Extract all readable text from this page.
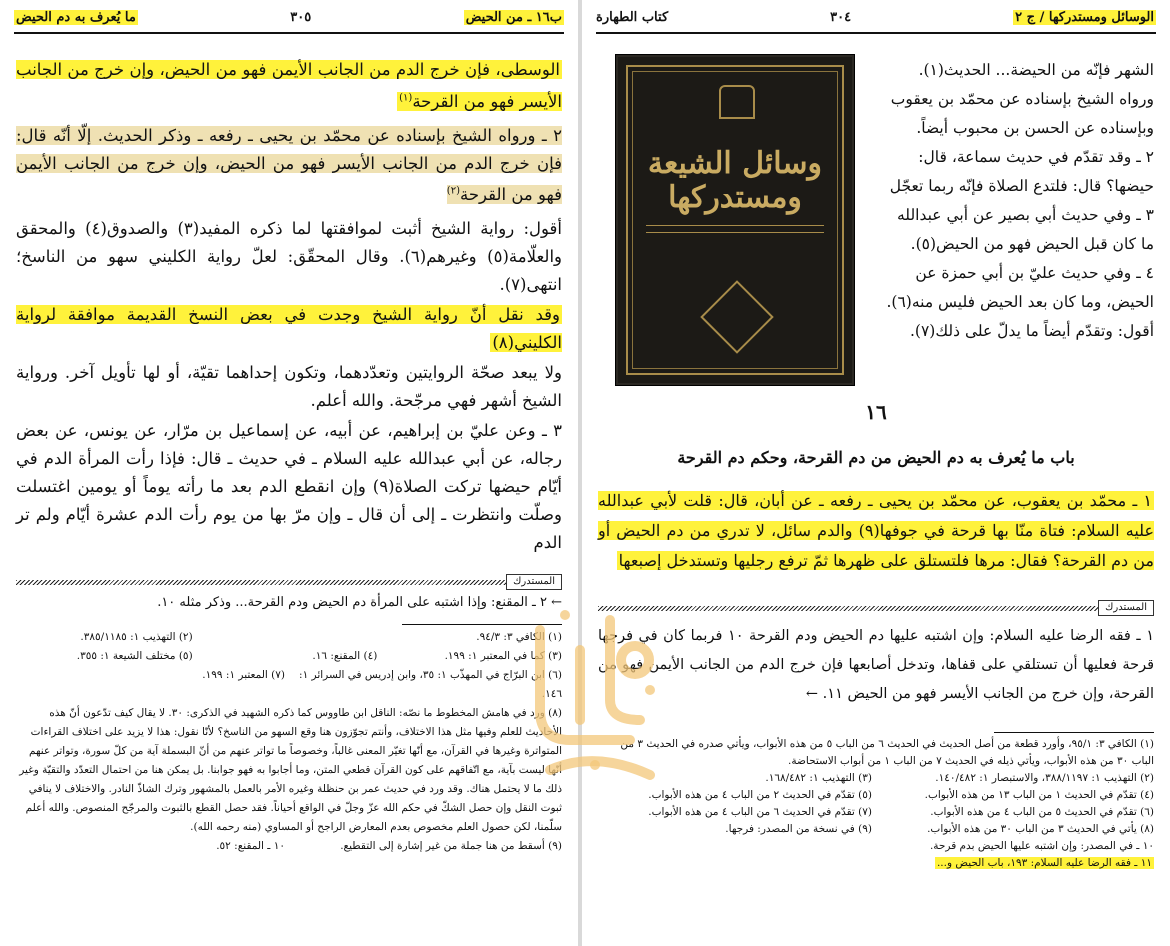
ب۱٦ ـ من الحيض
٣٠٥
ما يُعرف به دم الحيض

الوسطى، فإن خرج الدم من الجانب الأيمن فهو من الحيض، وإن خرج من الجانب الأيسر فهو من القرحة$^{(١)}$

٢ ـ ورواه الشيخ بإسناده عن محمّد بن يحيى ـ رفعه ـ وذكر الحديث. إلّا أنّه قال: فإن خرج الدم من الجانب الأيسر فهو من الحيض، وإن خرج من الجانب الأيمن فهو من القرحة$^{(٢)}$

أقول: رواية الشيخ أثبت لموافقتها لما ذكره المفيد(٣) والصدوق(٤) والمحقق والعلّامة(٥) وغيرهم(٦). وقال المحقّق: لعلّ رواية الكليني سهو من الناسخ؛ انتهى(٧).

وقد نقل أنّ رواية الشيخ وجدت في بعض النسخ القديمة موافقة لرواية الكليني(٨)

ولا يبعد صحّة الروايتين وتعدّدهما، وتكون إحداهما تقيّة، أو لها تأويل آخر. ورواية الشيخ أشهر فهي مرجّحة. والله أعلم.

٣ ـ وعن عليّ بن إبراهيم، عن أبيه، عن إسماعيل بن مرّار، عن يونس، عن بعض رجاله، عن أبي عبدالله عليه السلام ـ في حديث ـ قال: فإذا رأت المرأة الدم في أيّام حيضها تركت الصلاة(٩) وإن انقطع الدم بعد ما رأته يوماً أو يومين اغتسلت وصلّت وانتظرت ـ إلى أن قال ـ وإن مرّ بها من يوم رأت الدم عشرة أيّام ولم تر الدم

المستدرك
← ٢ ـ المقنع: وإذا اشتبه على المرأة دم الحيض ودم القرحة... وذكر مثله ١٠.
(١) الكافي ٣: ٩٤/٣.
(٢) التهذيب ١: ٣٨٥/١١٨٥.
(٣) كما في المعتبر ١: ١٩٩.
(٤) المقنع: ١٦.
(٥) مختلف الشيعة ١: ٣٥٥.
(٦) ابن البرّاج في المهذّب ١: ٣٥، وابن إدريس في السرائر ١: ١٤٦.
(٧) المعتبر ١: ١٩٩.
(٨) ورد في هامش المخطوط ما نصّه: الناقل ابن طاووس كما ذكره الشهيد في الذكرى: ٣٠. لا يقال كيف تدّعون أنّ هذه الأحاديث للعلم وفيها مثل هذا الاختلاف، وأنتم تجوّزون هنا وقع السهو من الناسخ؟ لأنّا نقول: هذا لا يزيد على اختلاف القراءات المتواترة وغيرها في القرآن، مع أنّها تغيّر المعنى غالباً، وخصوصاً ما تواتر عنهم من أنّ البسملة آية من كلّ سورة، وتواتر عنهم أنّها ليست بآية، مع اتّفاقهم على كون القرآن قطعي المتن، وما أجابوا به فهو جوابنا. بل يمكن هنا من احتمال التعدّد والتقيّة وغير ذلك ما لا يحتمل هناك. وقد ورد في حديث عمر بن حنظلة وغيره الأمر بالعمل بالمشهور وترك الشاذّ النادر. والاختلاف لا ينافي ثبوت النقل وإن حصل الشكّ في حكم الله عزّ وجلّ في الواقع أحياناً. فقد حصل القطع بالثبوت والمرجّح المنصوص. والله أعلم سلّمنا، لكن حصول العلم مخصوص بعدم المعارض الراجح أو المساوي (منه رحمه الله).
(٩) أسقط من هنا جملة من غير إشارة إلى التقطيع.
١٠ ـ المقنع: ٥٢.
الوسائل ومستدركها / ج ٢
٣٠٤
كتاب الطهارة
الشهر فإنّه من الحيضة... الحديث(١).
ورواه الشيخ بإسناده عن محمّد بن يعقوب
وبإسناده عن الحسن بن محبوب أيضاً.
٢ ـ وقد تقدّم في حديث سماعة، قال:
حيضها؟ قال: فلتدع الصلاة فإنّه ربما تعجّل
٣ ـ وفي حديث أبي بصير عن أبي عبدالله
ما كان قبل الحيض فهو من الحيض(٥).
٤ ـ وفي حديث عليّ بن أبي حمزة عن
الحيض، وما كان بعد الحيض فليس منه(٦).
أقول: وتقدّم أيضاً ما يدلّ على ذلك(٧).
١٦
باب ما يُعرف به دم الحيض من دم القرحة، وحكم دم القرحة
١ ـ محمّد بن يعقوب، عن محمّد بن يحيى ـ رفعه ـ عن أبان، قال: قلت لأبي عبدالله عليه السلام: فتاة منّا بها قرحة في جوفها(٩) والدم سائل، لا تدري من دم الحيض أو من دم القرحة؟ فقال: مرها فلتستلق على ظهرها ثمّ ترفع رجليها وتستدخل إصبعها
المستدرك
١ ـ فقه الرضا عليه السلام: وإن اشتبه عليها دم الحيض ودم القرحة ١٠ فربما كان في فرجها قرحة فعليها أن تستلقي على قفاها، وتدخل أصابعها فإن خرج الدم من الجانب الأيمن فهو من القرحة، وإن خرج من الجانب الأيسر فهو من الحيض ١١. ←
(١) الكافي ٣: ٩٥/١، وأورد قطعة من أصل الحديث في الحديث ٦ من الباب ٥ من هذه الأبواب، ويأتي صدره في الحديث ٣ من الباب ٣٠ من هذه الأبواب، ويأتي ذيله في الحديث ٧ من الباب ١ من أبواب الاستحاضة.
(٢) التهذيب ١: ٣٨٨/١١٩٧، والاستبصار ١: ١٤٠/٤٨٢.
(٣) التهذيب ١: ١٦٨/٤٨٢.
(٤) تقدّم في الحديث ١ من الباب ١٣ من هذه الأبواب.
(٥) تقدّم في الحديث ٢ من الباب ٤ من هذه الأبواب.
(٦) تقدّم في الحديث ٥ من الباب ٤ من هذه الأبواب.
(٧) تقدّم في الحديث ٦ من الباب ٤ من هذه الأبواب.
(٨) يأتي في الحديث ٣ من الباب ٣٠ من هذه الأبواب.
(٩) في نسخة من المصدر: فرجها.
١٠ ـ في المصدر: وإن اشتبه عليها الحيض بدم قرحة.
١١ ـ فقه الرضا عليه السلام: ١٩٣، باب الحيض و...
وسائل الشيعة ومستدركها
